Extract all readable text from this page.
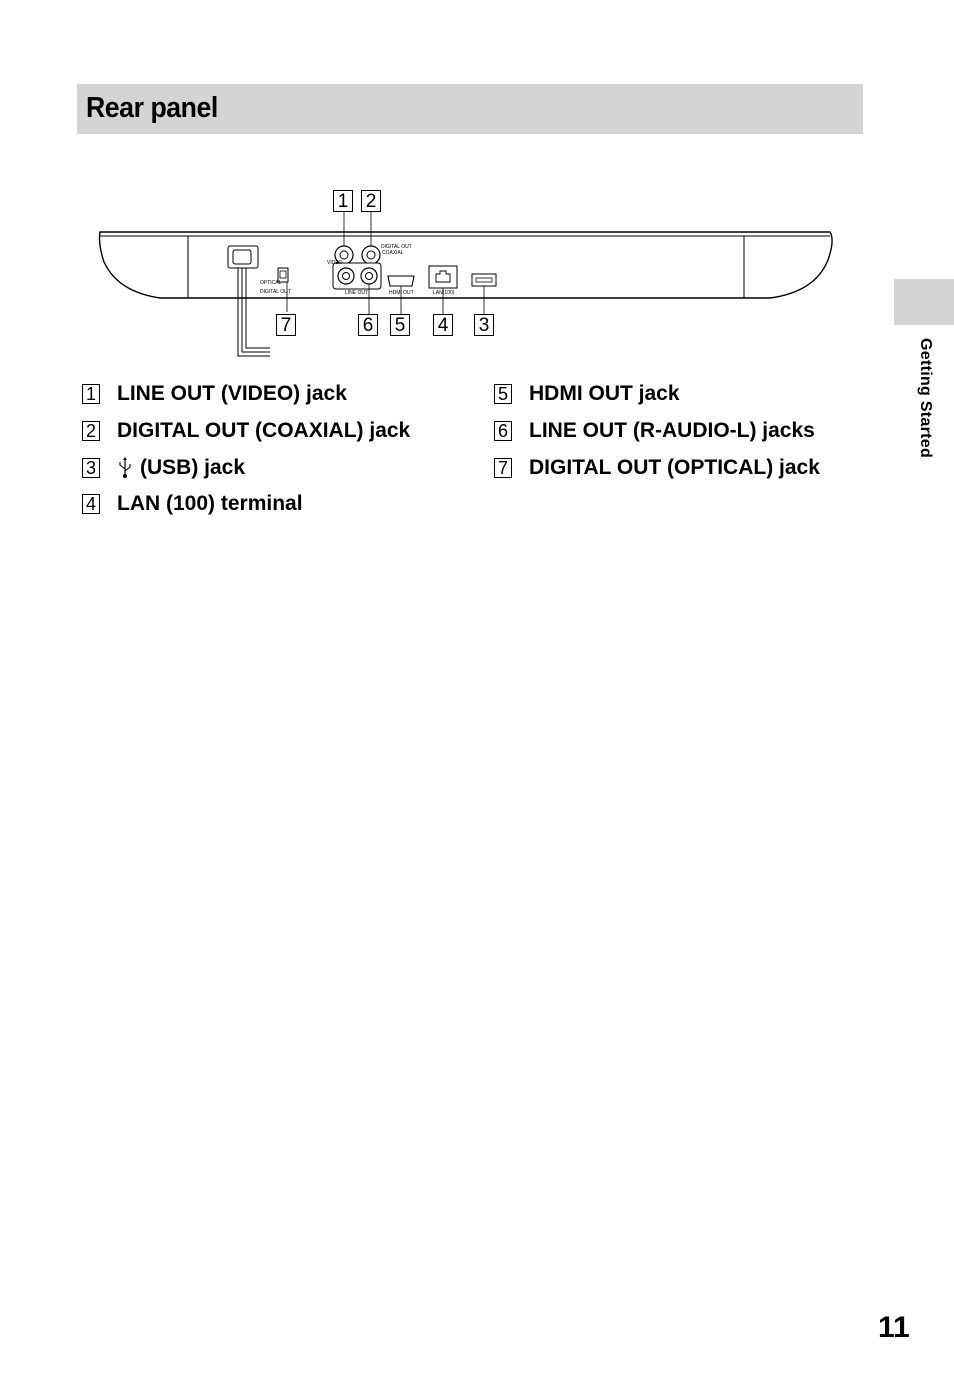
Rear panel
Getting Started
VIDEO
DIGITAL OUT
COAXIAL
OPTICAL
DIGITAL OUT	LINE OUT	HDMI OUT	LAN(100)
1 2
7	6 5 4 3
1 LINE OUT (VIDEO) jack
2 DIGITAL OUT (COAXIAL) jack
3 (USB) jack
4 LAN (100) terminal
5 HDMI OUT jack
6 LINE OUT (R-AUDIO-L) jacks
7 DIGITAL OUT (OPTICAL) jack
11
